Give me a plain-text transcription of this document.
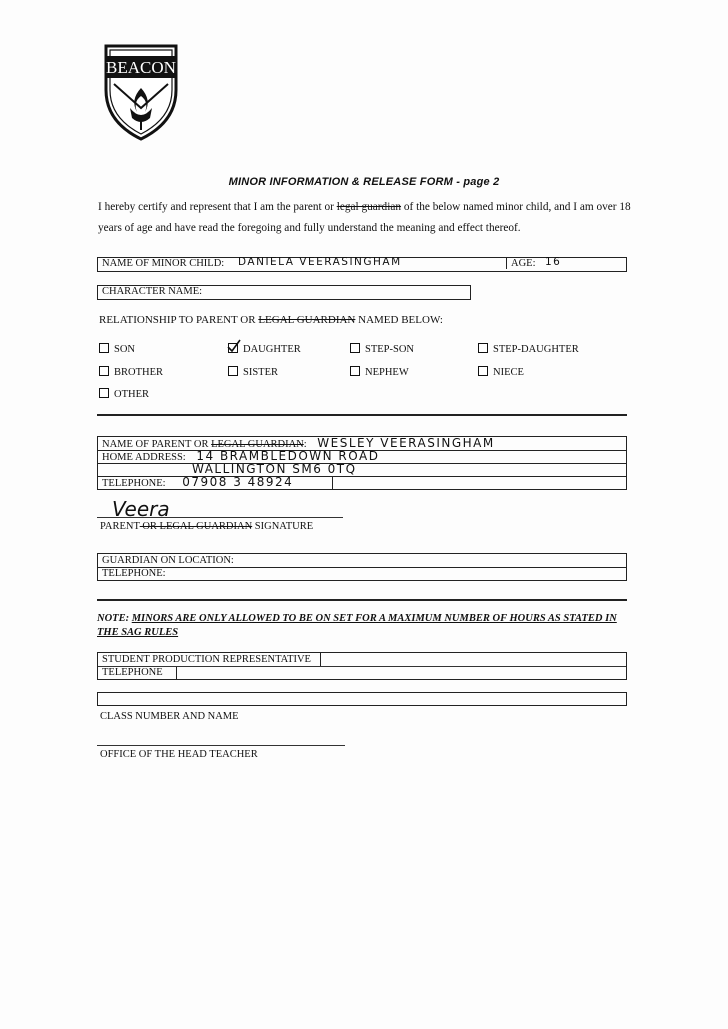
BEACON
MINOR INFORMATION & RELEASE FORM - page 2
I hereby certify and represent that I am the parent or legal guardian of the below named minor child, and I am over 18 years of age and have read the foregoing and fully understand the meaning and effect thereof.
NAME OF MINOR CHILD: DANIELA VEERASINGHAM	AGE: 16
CHARACTER NAME:
RELATIONSHIP TO PARENT OR LEGAL GUARDIAN NAMED BELOW:
SON	DAUGHTER	STEP-SON	STEP-DAUGHTER
BROTHER	SISTER	NEPHEW	NIECE
OTHER
NAME OF PARENT OR LEGAL GUARDIAN: WESLEY VEERASINGHAM
HOME ADDRESS: 14 BRAMBLEDOWN ROAD
WALLINGTON SM6 0TQ
TELEPHONE: 07908 3 48924
Veera
PARENT OR LEGAL GUARDIAN SIGNATURE
GUARDIAN ON LOCATION:
TELEPHONE:
NOTE: MINORS ARE ONLY ALLOWED TO BE ON SET FOR A MAXIMUM NUMBER OF HOURS AS STATED IN THE SAG RULES
STUDENT PRODUCTION REPRESENTATIVE
TELEPHONE
CLASS NUMBER AND NAME
OFFICE OF THE HEAD TEACHER
